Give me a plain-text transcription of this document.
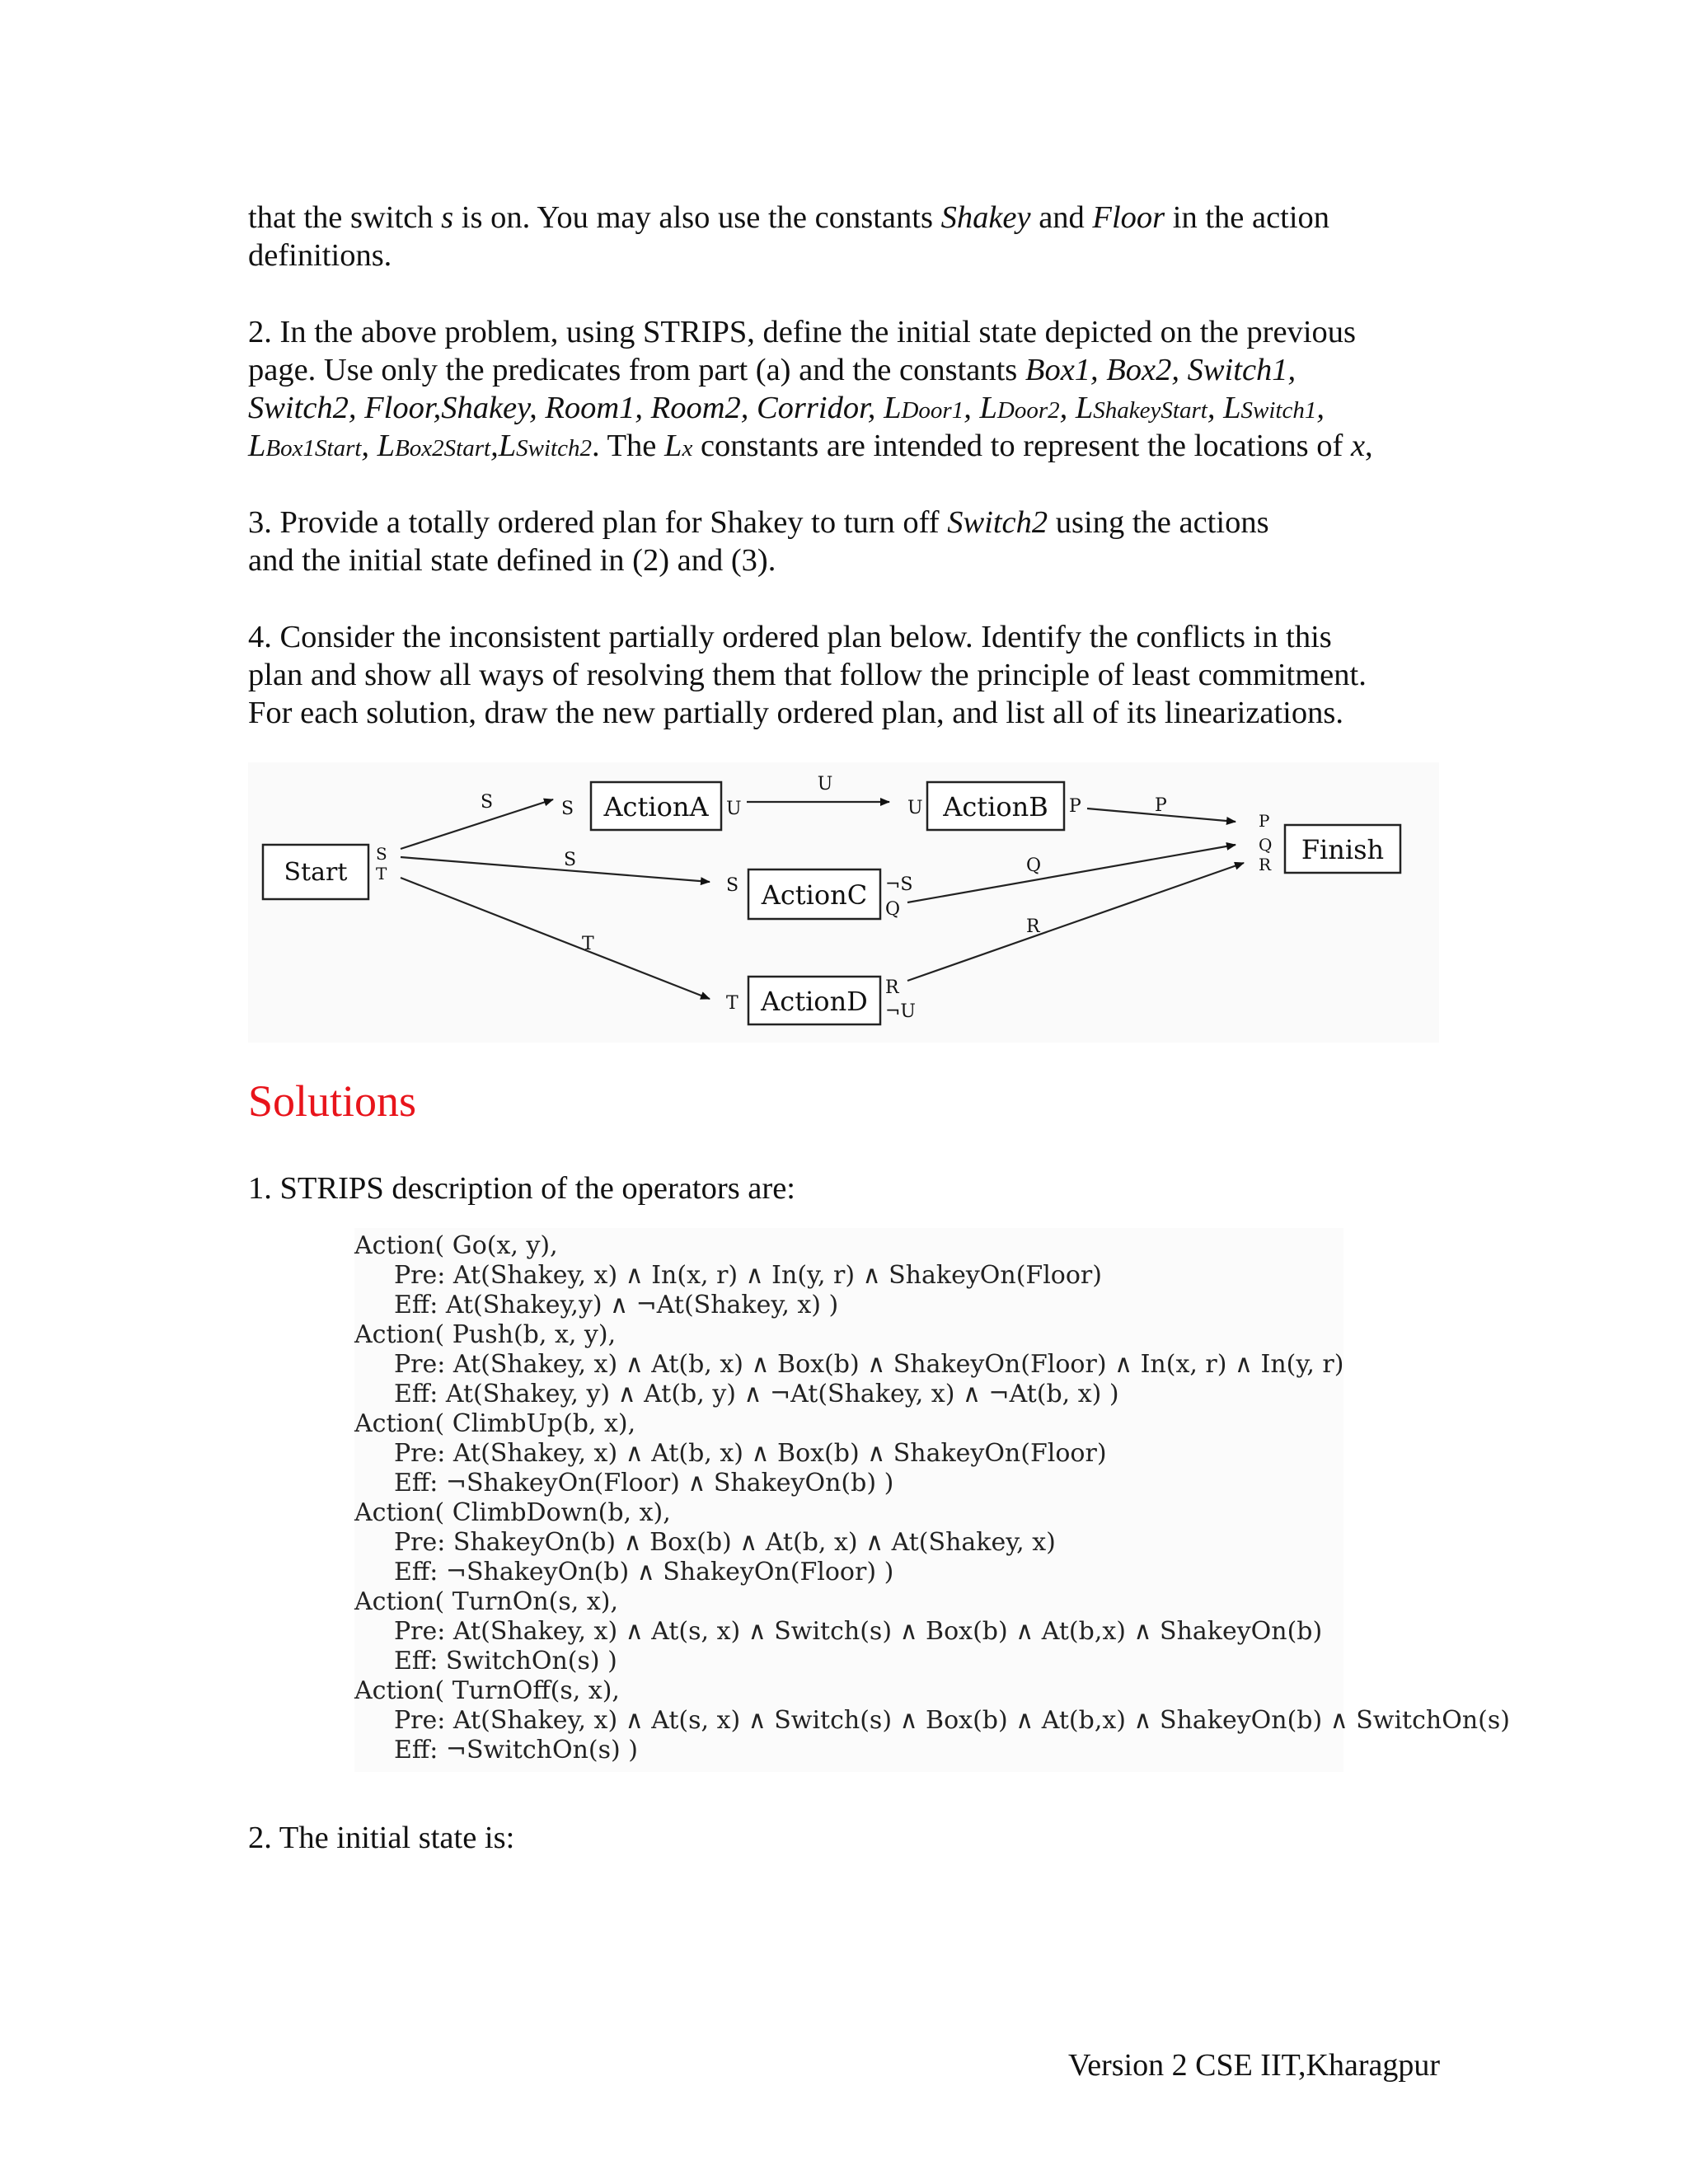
that the switch s is on. You may also use the constants Shakey and Floor in the action
definitions.
2. In the above problem, using STRIPS, define the initial state depicted on the previous
page. Use only the predicates from part (a) and the constants Box1, Box2, Switch1,
Switch2, Floor,Shakey, Room1, Room2, Corridor, LDoor1, LDoor2, LShakeyStart, LSwitch1,
LBox1Start, LBox2Start,LSwitch2. The Lx constants are intended to represent the locations of x,
3. Provide a totally ordered plan for Shakey to turn off Switch2 using the actions
and the initial state defined in (2) and (3).
4. Consider the inconsistent partially ordered plan below. Identify the conflicts in this
plan and show all ways of resolving them that follow the principle of least commitment.
For each solution, draw the new partially ordered plan, and list all of its linearizations.
Start
ActionA	ActionB
ActionC
ActionD
Finish
S
T
S	U	U	P
S	¬S
Q
T
R
¬U
P
Q
R
S
S
T
U
P
Q
R
Solutions
1. STRIPS description of the operators are:
Action( Go(x, y),
Pre: At(Shakey, x) ∧ In(x, r) ∧ In(y, r) ∧ ShakeyOn(Floor)
Eff: At(Shakey,y) ∧ ¬At(Shakey, x) )
Action( Push(b, x, y),
Pre: At(Shakey, x) ∧ At(b, x) ∧ Box(b) ∧ ShakeyOn(Floor) ∧ In(x, r) ∧ In(y, r)
Eff: At(Shakey, y) ∧ At(b, y) ∧ ¬At(Shakey, x) ∧ ¬At(b, x) )
Action( ClimbUp(b, x),
Pre: At(Shakey, x) ∧ At(b, x) ∧ Box(b) ∧ ShakeyOn(Floor)
Eff: ¬ShakeyOn(Floor) ∧ ShakeyOn(b) )
Action( ClimbDown(b, x),
Pre: ShakeyOn(b) ∧ Box(b) ∧ At(b, x) ∧ At(Shakey, x)
Eff: ¬ShakeyOn(b) ∧ ShakeyOn(Floor) )
Action( TurnOn(s, x),
Pre: At(Shakey, x) ∧ At(s, x) ∧ Switch(s) ∧ Box(b) ∧ At(b,x) ∧ ShakeyOn(b)
Eff: SwitchOn(s) )
Action( TurnOff(s, x),
Pre: At(Shakey, x) ∧ At(s, x) ∧ Switch(s) ∧ Box(b) ∧ At(b,x) ∧ ShakeyOn(b) ∧ SwitchOn(s)
Eff: ¬SwitchOn(s) )
2. The initial state is:
Version 2 CSE IIT,Kharagpur
